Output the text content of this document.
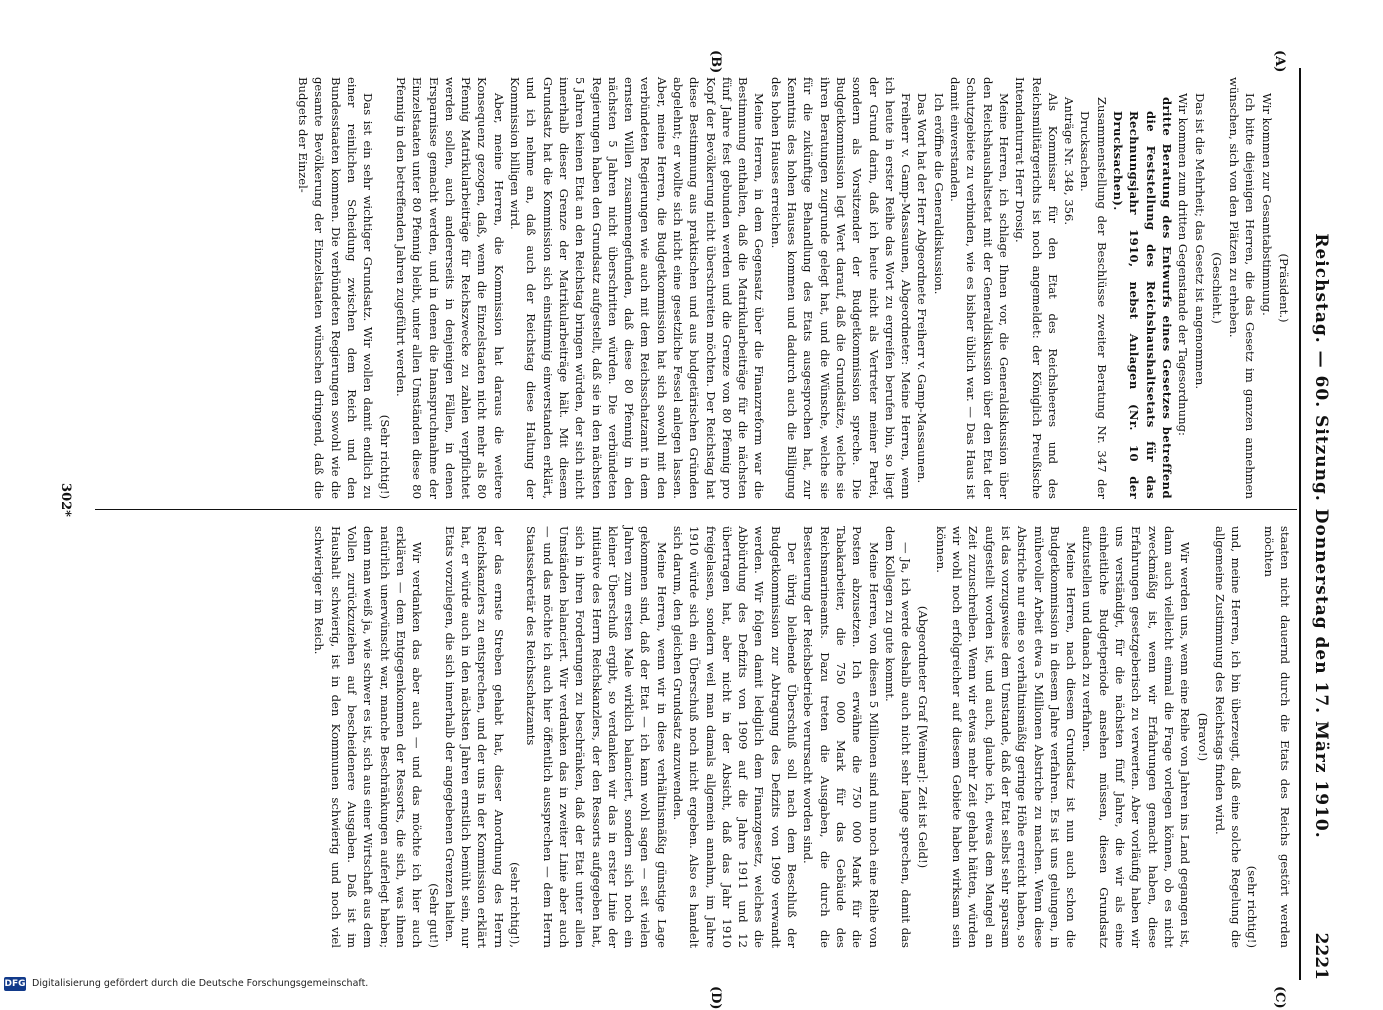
Reichstag. — 60. Sitzung. Donnerstag den 17. März 1910.
2221
(A)
(B)
(C)
(D)

(Präsident.)

Wir kommen zur Gesamtabstimmung.

Ich bitte diejenigen Herren, die das Gesetz im ganzen annehmen wünschen, sich von den Plätzen zu erheben.

(Geschieht.)

Das ist die Mehrheit; das Gesetz ist angenommen.

Wir kommen zum dritten Gegenstande der Tagesordnung:

dritte Beratung des Entwurfs eines Gesetzes betreffend die Feststellung des Reichshaushaltsetats für das Rechnungsjahr 1910, nebst Anlagen (Nr. 10 der Drucksachen).

Zusammenstellung der Beschlüsse zweiter Beratung Nr. 347 der Drucksachen.

Anträge Nr. 348, 356.

Als Kommissar für den Etat des Reichsheeres und des Reichsmilitärgerichts ist noch angemeldet: der Königlich Preußische Intendanturrat Herr Drosig.

Meine Herren, ich schlage Ihnen vor, die Generaldiskussion über den Reichshaushaltsetat mit der Generaldiskussion über den Etat der Schutzgebiete zu verbinden, wie es bisher üblich war. — Das Haus ist damit einverstanden.

Ich eröffne die Generaldiskussion.

Das Wort hat der Herr Abgeordnete Freiherr v. Gamp-Massaunen.

Freiherr v. Gamp-Massaunen, Abgeordneter: Meine Herren, wenn ich heute in erster Reihe das Wort zu ergreifen berufen bin, so liegt der Grund darin, daß ich heute nicht als Vertreter meiner Partei, sondern als Vorsitzender der Budgetkommission spreche. Die Budgetkommission legt Wert darauf, daß die Grundsätze, welche sie ihren Beratungen zugrunde gelegt hat, und die Wünsche, welche sie für die zukünftige Behandlung des Etats ausgesprochen hat, zur Kenntnis des hohen Hauses kommen und dadurch auch die Billigung des hohen Hauses erreichen.

Meine Herren, in dem Gegensatz über die Finanzreform war die Bestimmung enthalten, daß die Matrikularbeiträge für die nächsten fünf Jahre fest gebunden werden und die Grenze von 80 Pfennig pro Kopf der Bevölkerung nicht überschreiten möchten. Der Reichstag hat diese Bestimmung aus praktischen und aus budgetärischen Gründen abgelehnt; er wollte sich nicht eine gesetzliche Fessel anlegen lassen. Aber, meine Herren, die Budgetkommission hat sich sowohl mit den verbündeten Regierungen wie auch mit dem Reichsschatzamt in dem ernsten Willen zusammengefunden, daß diese 80 Pfennig in den nächsten 5 Jahren nicht überschritten würden. Die verbündeten Regierungen haben den Grundsatz aufgestellt, daß sie in den nächsten 5 Jahren keinen Etat an den Reichstag bringen würden, der sich nicht innerhalb dieser Grenze der Matrikularbeiträge hält. Mit diesem Grundsatz hat die Kommission sich einstimmig einverstanden erklärt, und ich nehme an, daß auch der Reichstag diese Haltung der Kommission billigen wird.

Aber, meine Herren, die Kommission hat daraus die weitere Konsequenz gezogen, daß, wenn die Einzelstaaten nicht mehr als 80 Pfennig Matrikularbeiträge für Reichszwecke zu zahlen verpflichtet werden sollen, auch andererseits in denjenigen Fällen, in denen Ersparnisse gemacht werden, und in denen die Inanspruchnahme der Einzelstaaten unter 80 Pfennig bleibt, unter allen Umständen diese 80 Pfennig in den betreffenden Jahren zugeführt werden.

(Sehr richtig!)

Das ist ein sehr wichtiger Grundsatz. Wir wollen damit endlich zu einer reinlichen Scheidung zwischen dem Reich und den Bundesstaaten kommen. Die verbündeten Regierungen sowohl wie die gesamte Bevölkerung der Einzelstaaten wünschen dringend, daß die Budgets der Einzel-

staaten nicht dauernd durch die Etats des Reichs gestört werden möchten

(sehr richtig!)

und, meine Herren, ich bin überzeugt, daß eine solche Regelung die allgemeine Zustimmung des Reichstags finden wird.

(Bravo!)

Wir werden uns, wenn eine Reihe von Jahren ins Land gegangen ist, dann auch vielleicht einmal die Frage vorlegen können, ob es nicht zweckmäßig ist, wenn wir Erfahrungen gemacht haben, diese Erfahrungen gesetzgeberisch zu verwerten. Aber vorläufig haben wir uns verständigt, für die nächsten fünf Jahre, die wir als eine einheitliche Budgetperiode ansehen müssen, diesen Grundsatz aufzustellen und danach zu verfahren.

Meine Herren, nach diesem Grundsatz ist nun auch schon die Budgetkommission in diesem Jahre verfahren. Es ist uns gelungen, in mühevoller Arbeit etwa 5 Millionen Abstriche zu machen. Wenn diese Abstriche nur eine so verhältnismäßig geringe Höhe erreicht haben, so ist das vorzugsweise dem Umstande, daß der Etat selbst sehr sparsam aufgestellt worden ist, und auch, glaube ich, etwas dem Mangel an Zeit zuzuschreiben. Wenn wir etwas mehr Zeit gehabt hätten, würden wir wohl noch erfolgreicher auf diesem Gebiete haben wirksam sein können.

(Abgeordneter Graf [Weimar]: Zeit ist Geld!)

— Ja, ich werde deshalb auch nicht sehr lange sprechen, damit das dem Kollegen zu gute kommt.

Meine Herren, von diesen 5 Millionen sind nun noch eine Reihe von Posten abzusetzen. Ich erwähne die 750 000 Mark für die Tabakarbeiter, die 750 000 Mark für das Gebäude des Reichsmarineamts. Dazu treten die Ausgaben, die durch die Besteuerung der Reichsbetriebe verursacht worden sind.

Der übrig bleibende Überschuß soll nach dem Beschluß der Budgetkommission zur Abtragung des Defizits von 1909 verwandt werden. Wir folgen damit lediglich dem Finanzgesetz, welches die Abbürdung des Defizits von 1909 auf die Jahre 1911 und 12 übertragen hat, aber nicht in der Absicht, daß das Jahr 1910 freigelassen, sondern weil man damals allgemein annahm, im Jahre 1910 würde sich ein Überschuß noch nicht ergeben. Also es handelt sich darum, den gleichen Grundsatz anzuwenden.

Meine Herren, wenn wir in diese verhältnismäßig günstige Lage gekommen sind, daß der Etat — ich kann wohl sagen — seit vielen Jahren zum ersten Male wirklich balanciert, sondern sich noch ein kleiner Überschuß ergibt, so verdanken wir das in erster Linie der Initiative des Herrn Reichskanzlers, der den Ressorts aufgegeben hat, sich in ihren Forderungen zu beschränken, daß der Etat unter allen Umständen balanciert. Wir verdanken das in zweiter Linie aber auch — und das möchte ich auch hier öffentlich aussprechen — dem Herrn Staatssekretär des Reichsschatzamts

(sehr richtig!),

der das ernste Streben gehabt hat, dieser Anordnung des Herrn Reichskanzlers zu entsprechen, und der uns in der Kommission erklärt hat, er würde auch in den nächsten Jahren ernstlich bemüht sein, nur Etats vorzulegen, die sich innerhalb der angegebenen Grenzen halten.

(Sehr gut!)

Wir verdanken das aber auch — und das möchte ich hier auch erklären — dem Entgegenkommen der Ressorts, die sich, was ihnen natürlich unerwünscht war, manche Beschränkungen auferlegt haben; denn man weiß ja, wie schwer es ist, sich aus einer Wirtschaft aus dem Vollen zurückzuziehen auf bescheidenere Ausgaben. Daß ist im Haushalt schwierig, ist in den Kommunen schwierig und noch viel schwieriger im Reich.

302*
DFG Digitalisierung gefördert durch die Deutsche Forschungsgemeinschaft.
